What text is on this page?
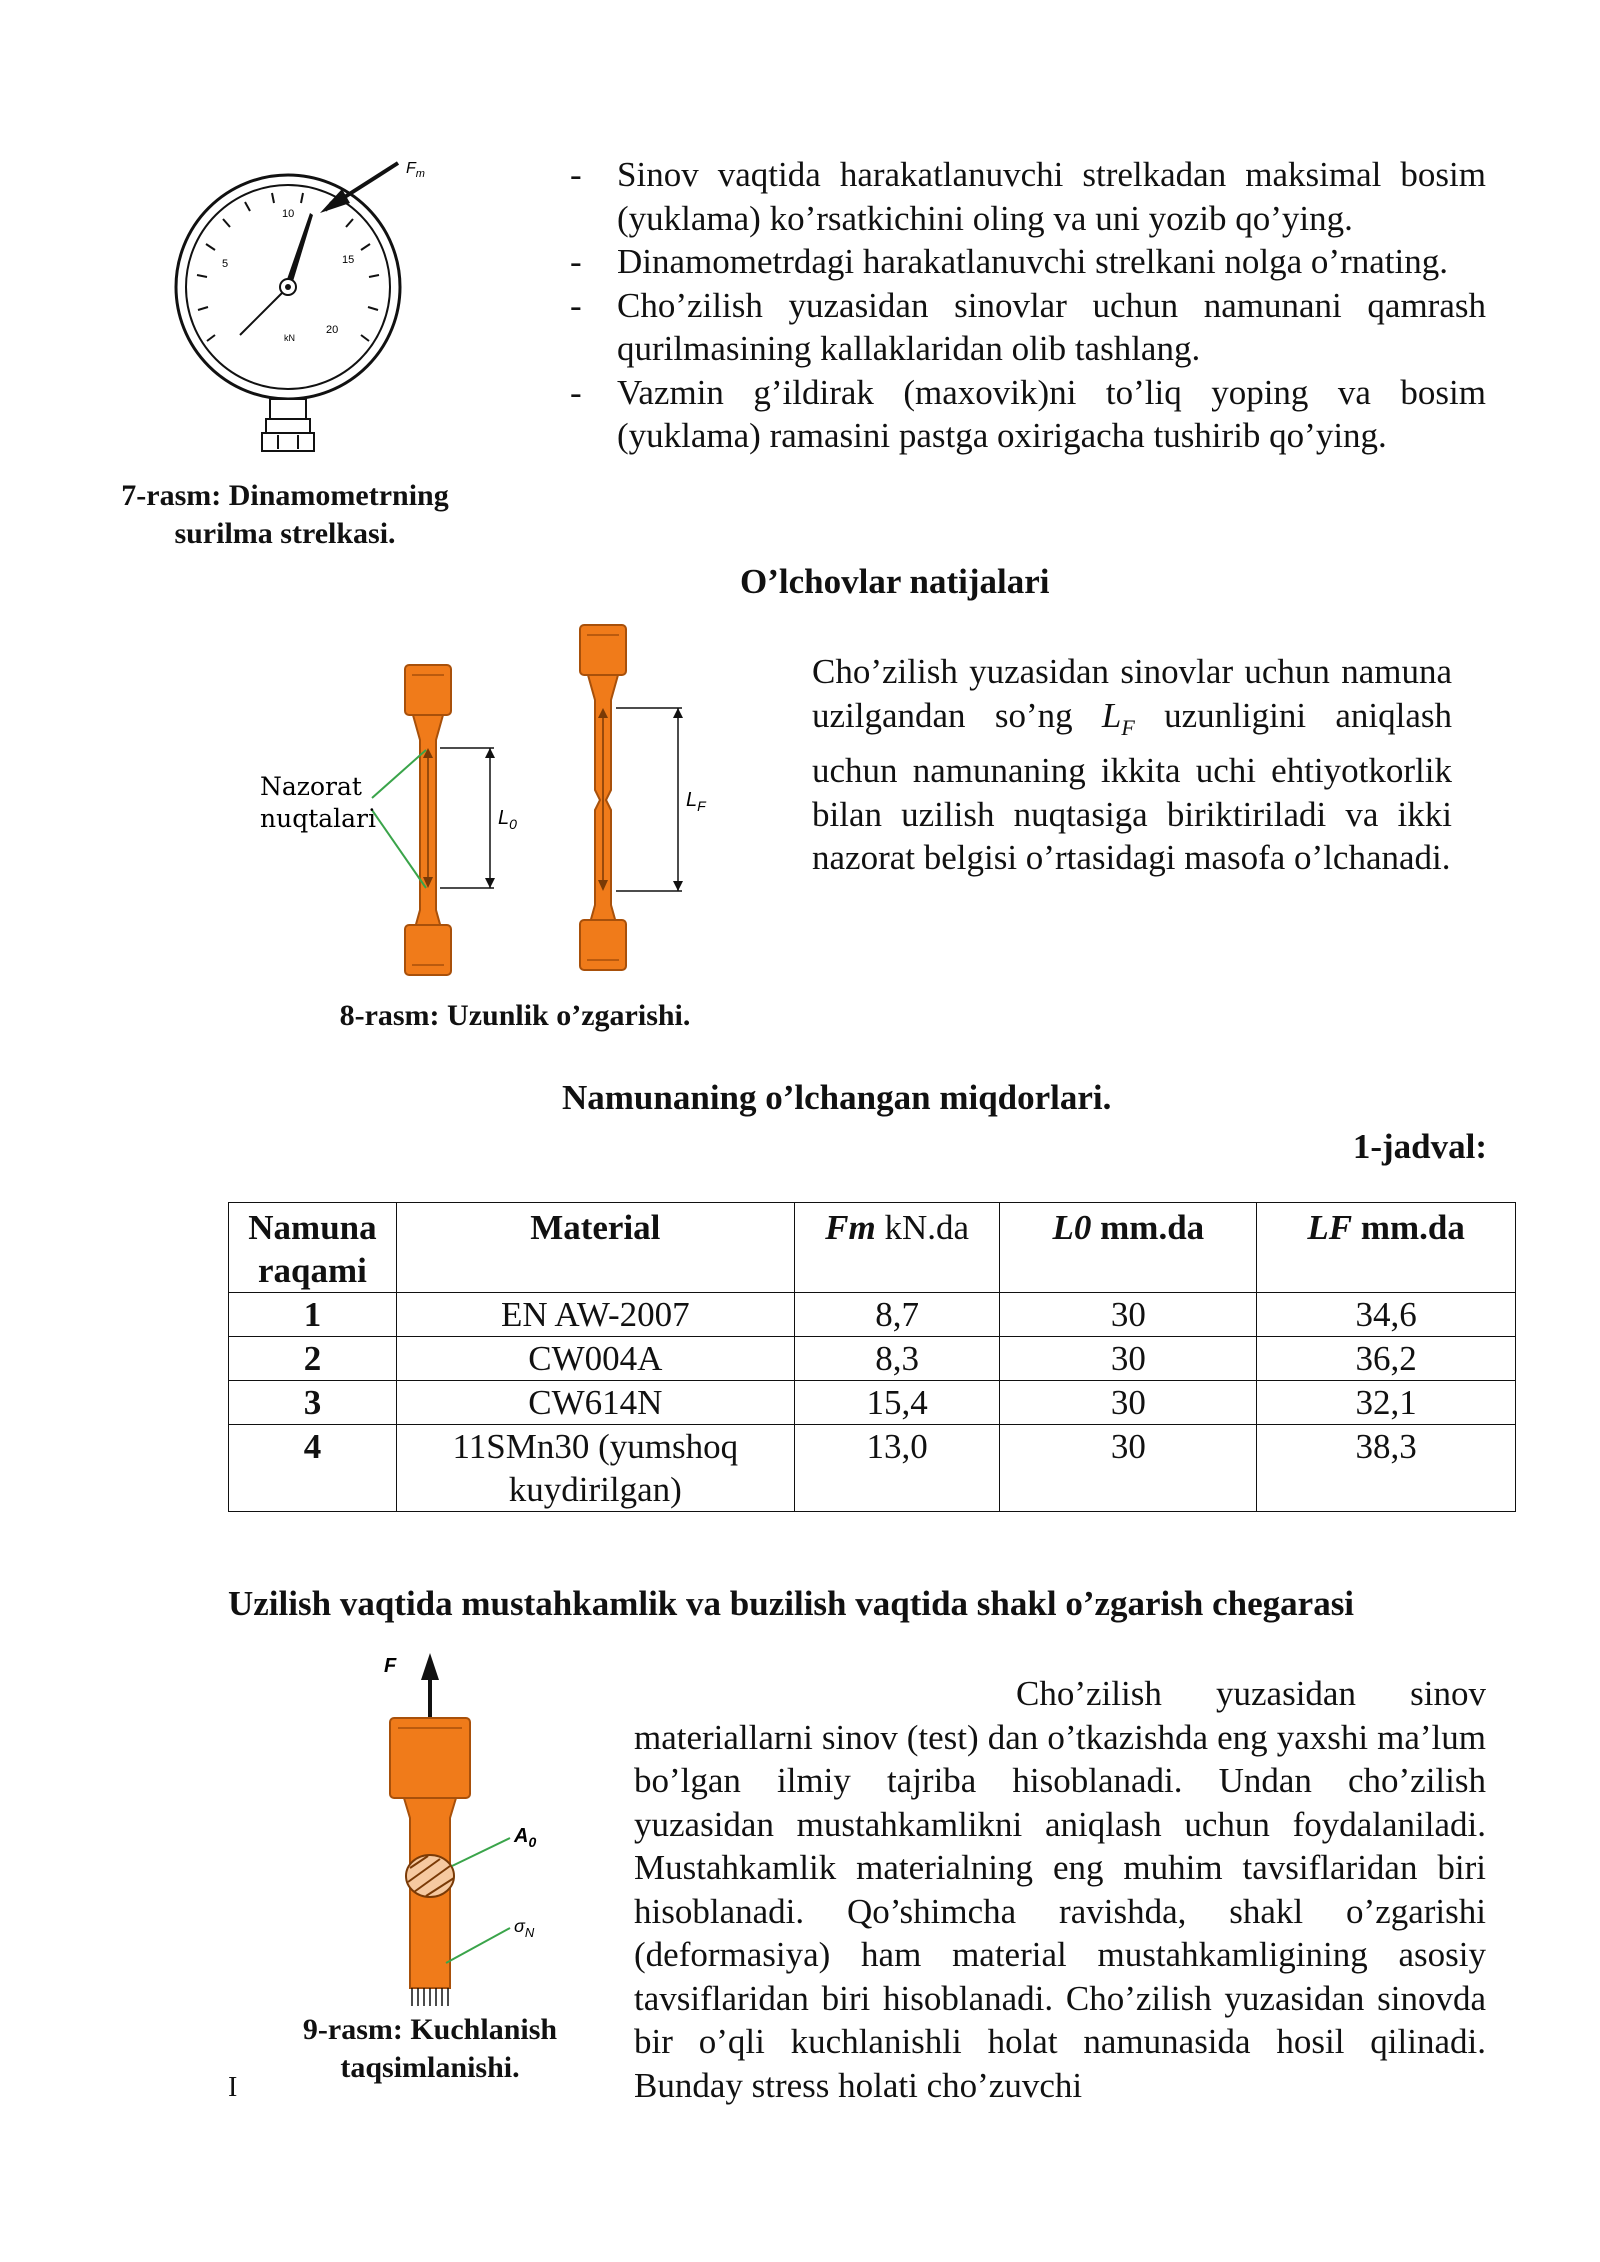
5
10
15
20
kN
$F_m$
7-rasm: Dinamometrning
surilma strelkasi.
- Sinov vaqtida harakatlanuvchi strelkadan maksimal bosim (yuklama) ko’rsatkichini oling va uni yozib qo’ying.
- Dinamometrdagi harakatlanuvchi strelkani nolga o’rnating.
- Cho’zilish yuzasidan sinovlar uchun namunani qamrash qurilmasining kallaklaridan olib tashlang.
- Vazmin g’ildirak (maxovik)ni to’liq yoping va bosim (yuklama) ramasini pastga oxirigacha tushirib qo’ying.
O’lchovlar natijalari
$L_0$
$L_F$
Nazorat
nuqtalari
8-rasm: Uzunlik o’zgarishi.
Cho’zilish yuzasidan sinovlar uchun namuna uzilgandan so’ng $L_F$ uzunligini aniqlash uchun namunaning ikkita uchi ehtiyotkorlik bilan uzilish nuqtasiga biriktiriladi va ikki nazorat belgisi o’rtasidagi masofa o’lchanadi.
Namunaning o’lchangan miqdorlari.
1-jadval:
Namuna raqami	Material	Fm kN.da	L0 mm.da	LF mm.da
1	EN AW-2007	8,7	30	34,6
2	CW004A	8,3	30	36,2
3	CW614N	15,4	30	32,1
4	11SMn30 (yumshoq kuydirilgan)	13,0	30	38,3
Uzilish vaqtida mustahkamlik va buzilish vaqtida shakl o’zgarish chegarasi
F
$A_0$
$\sigma_N$
9-rasm: Kuchlanish
taqsimlanishi.
Cho’zilish yuzasidan sinov materiallarni sinov (test) dan o’tkazishda eng yaxshi ma’lum bo’lgan ilmiy tajriba hisoblanadi. Undan cho’zilish yuzasidan mustahkamlikni aniqlash uchun foydalaniladi. Mustahkamlik materialning eng muhim tavsiflaridan biri hisoblanadi. Qo’shimcha ravishda, shakl o’zgarishi (deformasiya) ham material mustahkamligining asosiy tavsiflaridan biri hisoblanadi. Cho’zilish yuzasidan sinovda bir o’qli kuchlanishli holat namunasida hosil qilinadi. Bunday stress holati cho’zuvchi
I
